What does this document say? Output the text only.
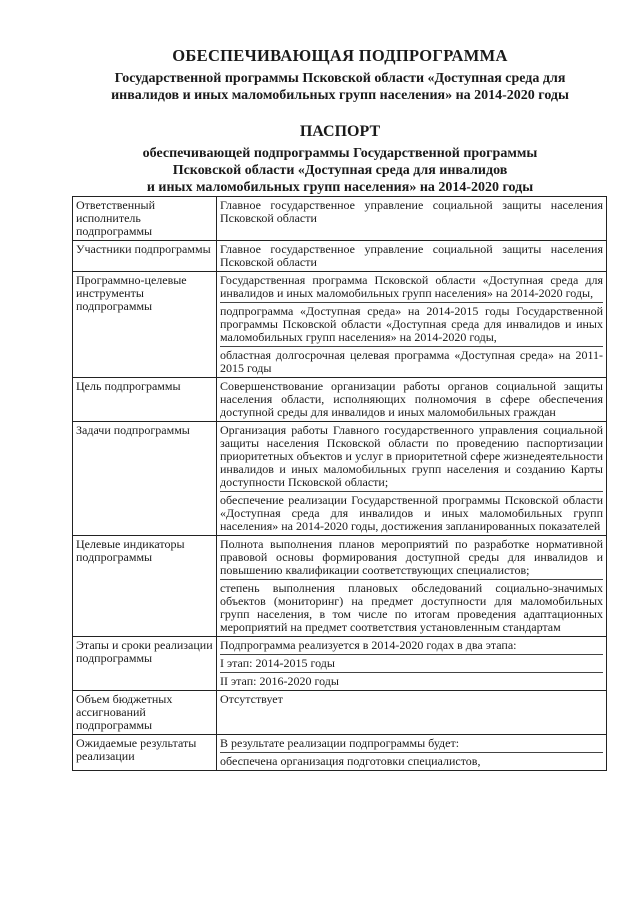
ОБЕСПЕЧИВАЮЩАЯ ПОДПРОГРАММА
Государственной программы Псковской области «Доступная среда для
инвалидов и иных маломобильных групп населения» на 2014-2020 годы
ПАСПОРТ
обеспечивающей подпрограммы Государственной программы
Псковской области «Доступная среда для инвалидов
и иных маломобильных групп населения» на 2014-2020 годы
Ответственный исполнитель подпрограммы	Главное государственное управление социальной защиты населения Псковской области

Участники подпрограммы	Главное государственное управление социальной защиты населения Псковской области

Программно-целевые инструменты подпрограммы	Государственная программа Псковской области «Доступная среда для инвалидов и иных маломобильных групп населения» на 2014-2020 годы,

подпрограмма «Доступная среда» на 2014-2015 годы Государственной программы Псковской области «Доступная среда для инвалидов и иных маломобильных групп населения» на 2014-2020 годы,

областная долгосрочная целевая программа «Доступная среда» на 2011-2015 годы

Цель подпрограммы	Совершенствование организации работы органов социальной защиты населения области, исполняющих полномочия в сфере обеспечения доступной среды для инвалидов и иных маломобильных граждан

Задачи подпрограммы	Организация работы Главного государственного управления социальной защиты населения Псковской области по проведению паспортизации приоритетных объектов и услуг в приоритетной сфере жизнедеятельности инвалидов и иных маломобильных групп населения и созданию Карты доступности Псковской области;

обеспечение реализации Государственной программы Псковской области «Доступная среда для инвалидов и иных маломобильных групп населения» на 2014-2020 годы, достижения запланированных показателей

Целевые индикаторы подпрограммы	Полнота выполнения планов мероприятий по разработке нормативной правовой основы формирования доступной среды для инвалидов и повышению квалификации соответствующих специалистов;

степень выполнения плановых обследований социально-значимых объектов (мониторинг) на предмет доступности для маломобильных групп населения, в том числе по итогам проведения адаптационных мероприятий на предмет соответствия установленным стандартам

Этапы и сроки реализации подпрограммы	Подпрограмма реализуется в 2014-2020 годах в два этапа:

I этап: 2014-2015 годы

II этап: 2016-2020 годы

Объем бюджетных ассигнований подпрограммы	Отсутствует

Ожидаемые результаты реализации	В результате реализации подпрограммы будет:

обеспечена организация подготовки специалистов,
